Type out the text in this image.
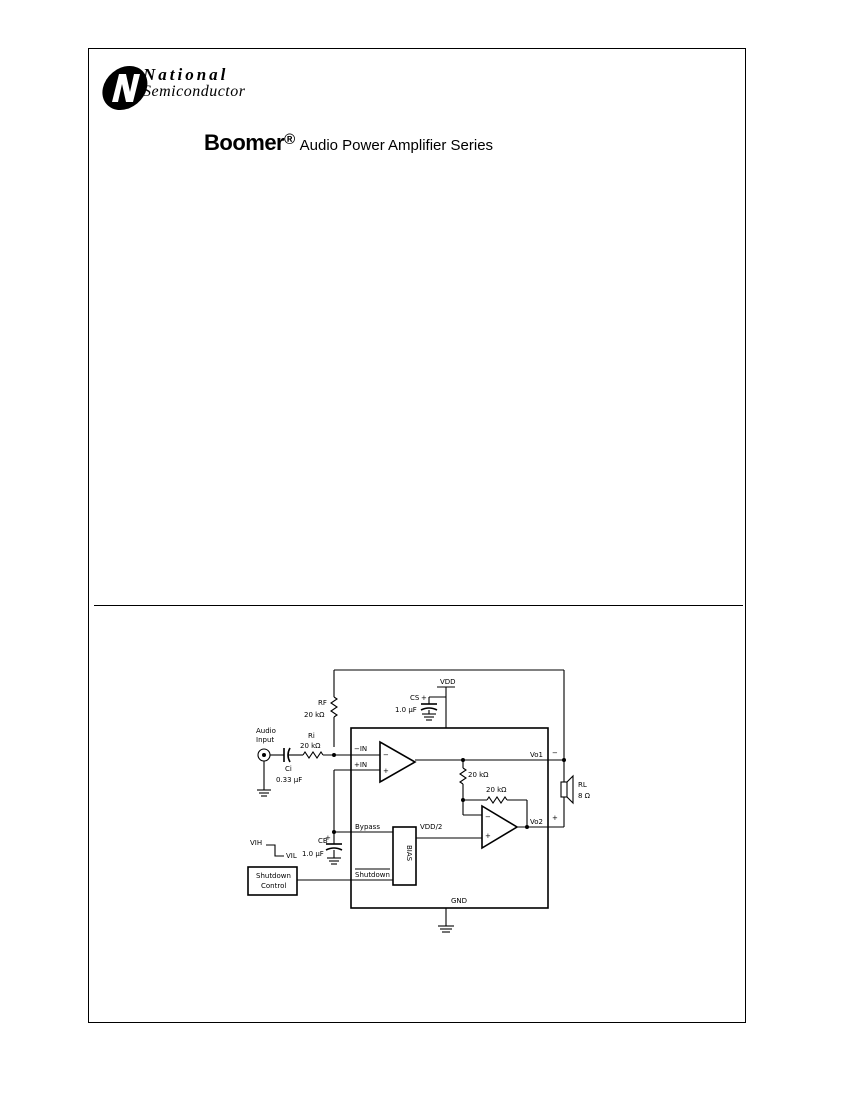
National
Semiconductor
Boomer® Audio Power Amplifier Series
VDD
+
CS
1.0 μF
RF
20 kΩ
Audio
Input
Ci
0.33 μF
Ri
20 kΩ	−IN
+IN
−
+
Vo1 −
20 kΩ
20 kΩ
−
+
Vo2 +
RL
8 Ω
Bypass
BIAS
VDD/2
+
CB
1.0 μF
Shutdown
Shutdown
Control
VIH
VIL
GND
